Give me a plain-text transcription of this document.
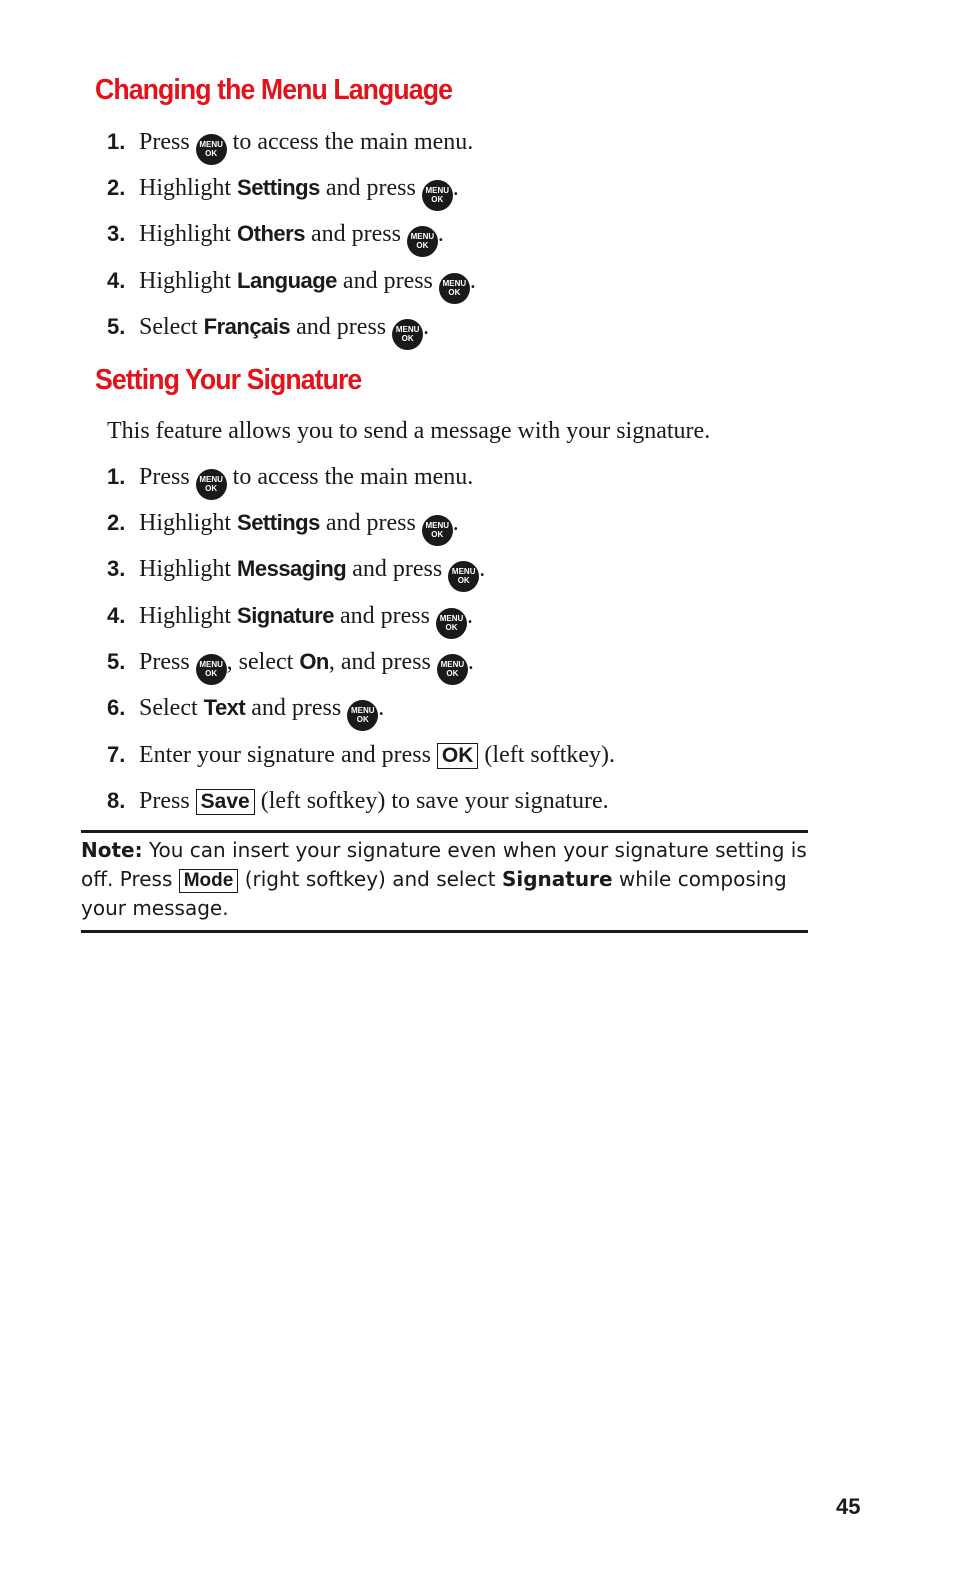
Changing the Menu Language
1. Press MENU
OK to access the main menu.
2. Highlight Settings and press MENU
OK .
3. Highlight Others and press MENU
OK .
4. Highlight Language and press MENU
OK .
5. Select Français and press MENU
OK .
Setting Your Signature
This feature allows you to send a message with your signature.
1. Press MENU
OK to access the main menu.
2. Highlight Settings and press MENU
OK .
3. Highlight Messaging and press MENU
OK .
4. Highlight Signature and press MENU
OK .
5. Press MENU
OK , select On, and press MENU
OK .
6. Select Text and press MENU
OK .
7. Enter your signature and press OK (left softkey).
8. Press Save (left softkey) to save your signature.
Note: You can insert your signature even when your signature setting is off. Press Mode (right softkey) and select Signature while composing your message.
45
